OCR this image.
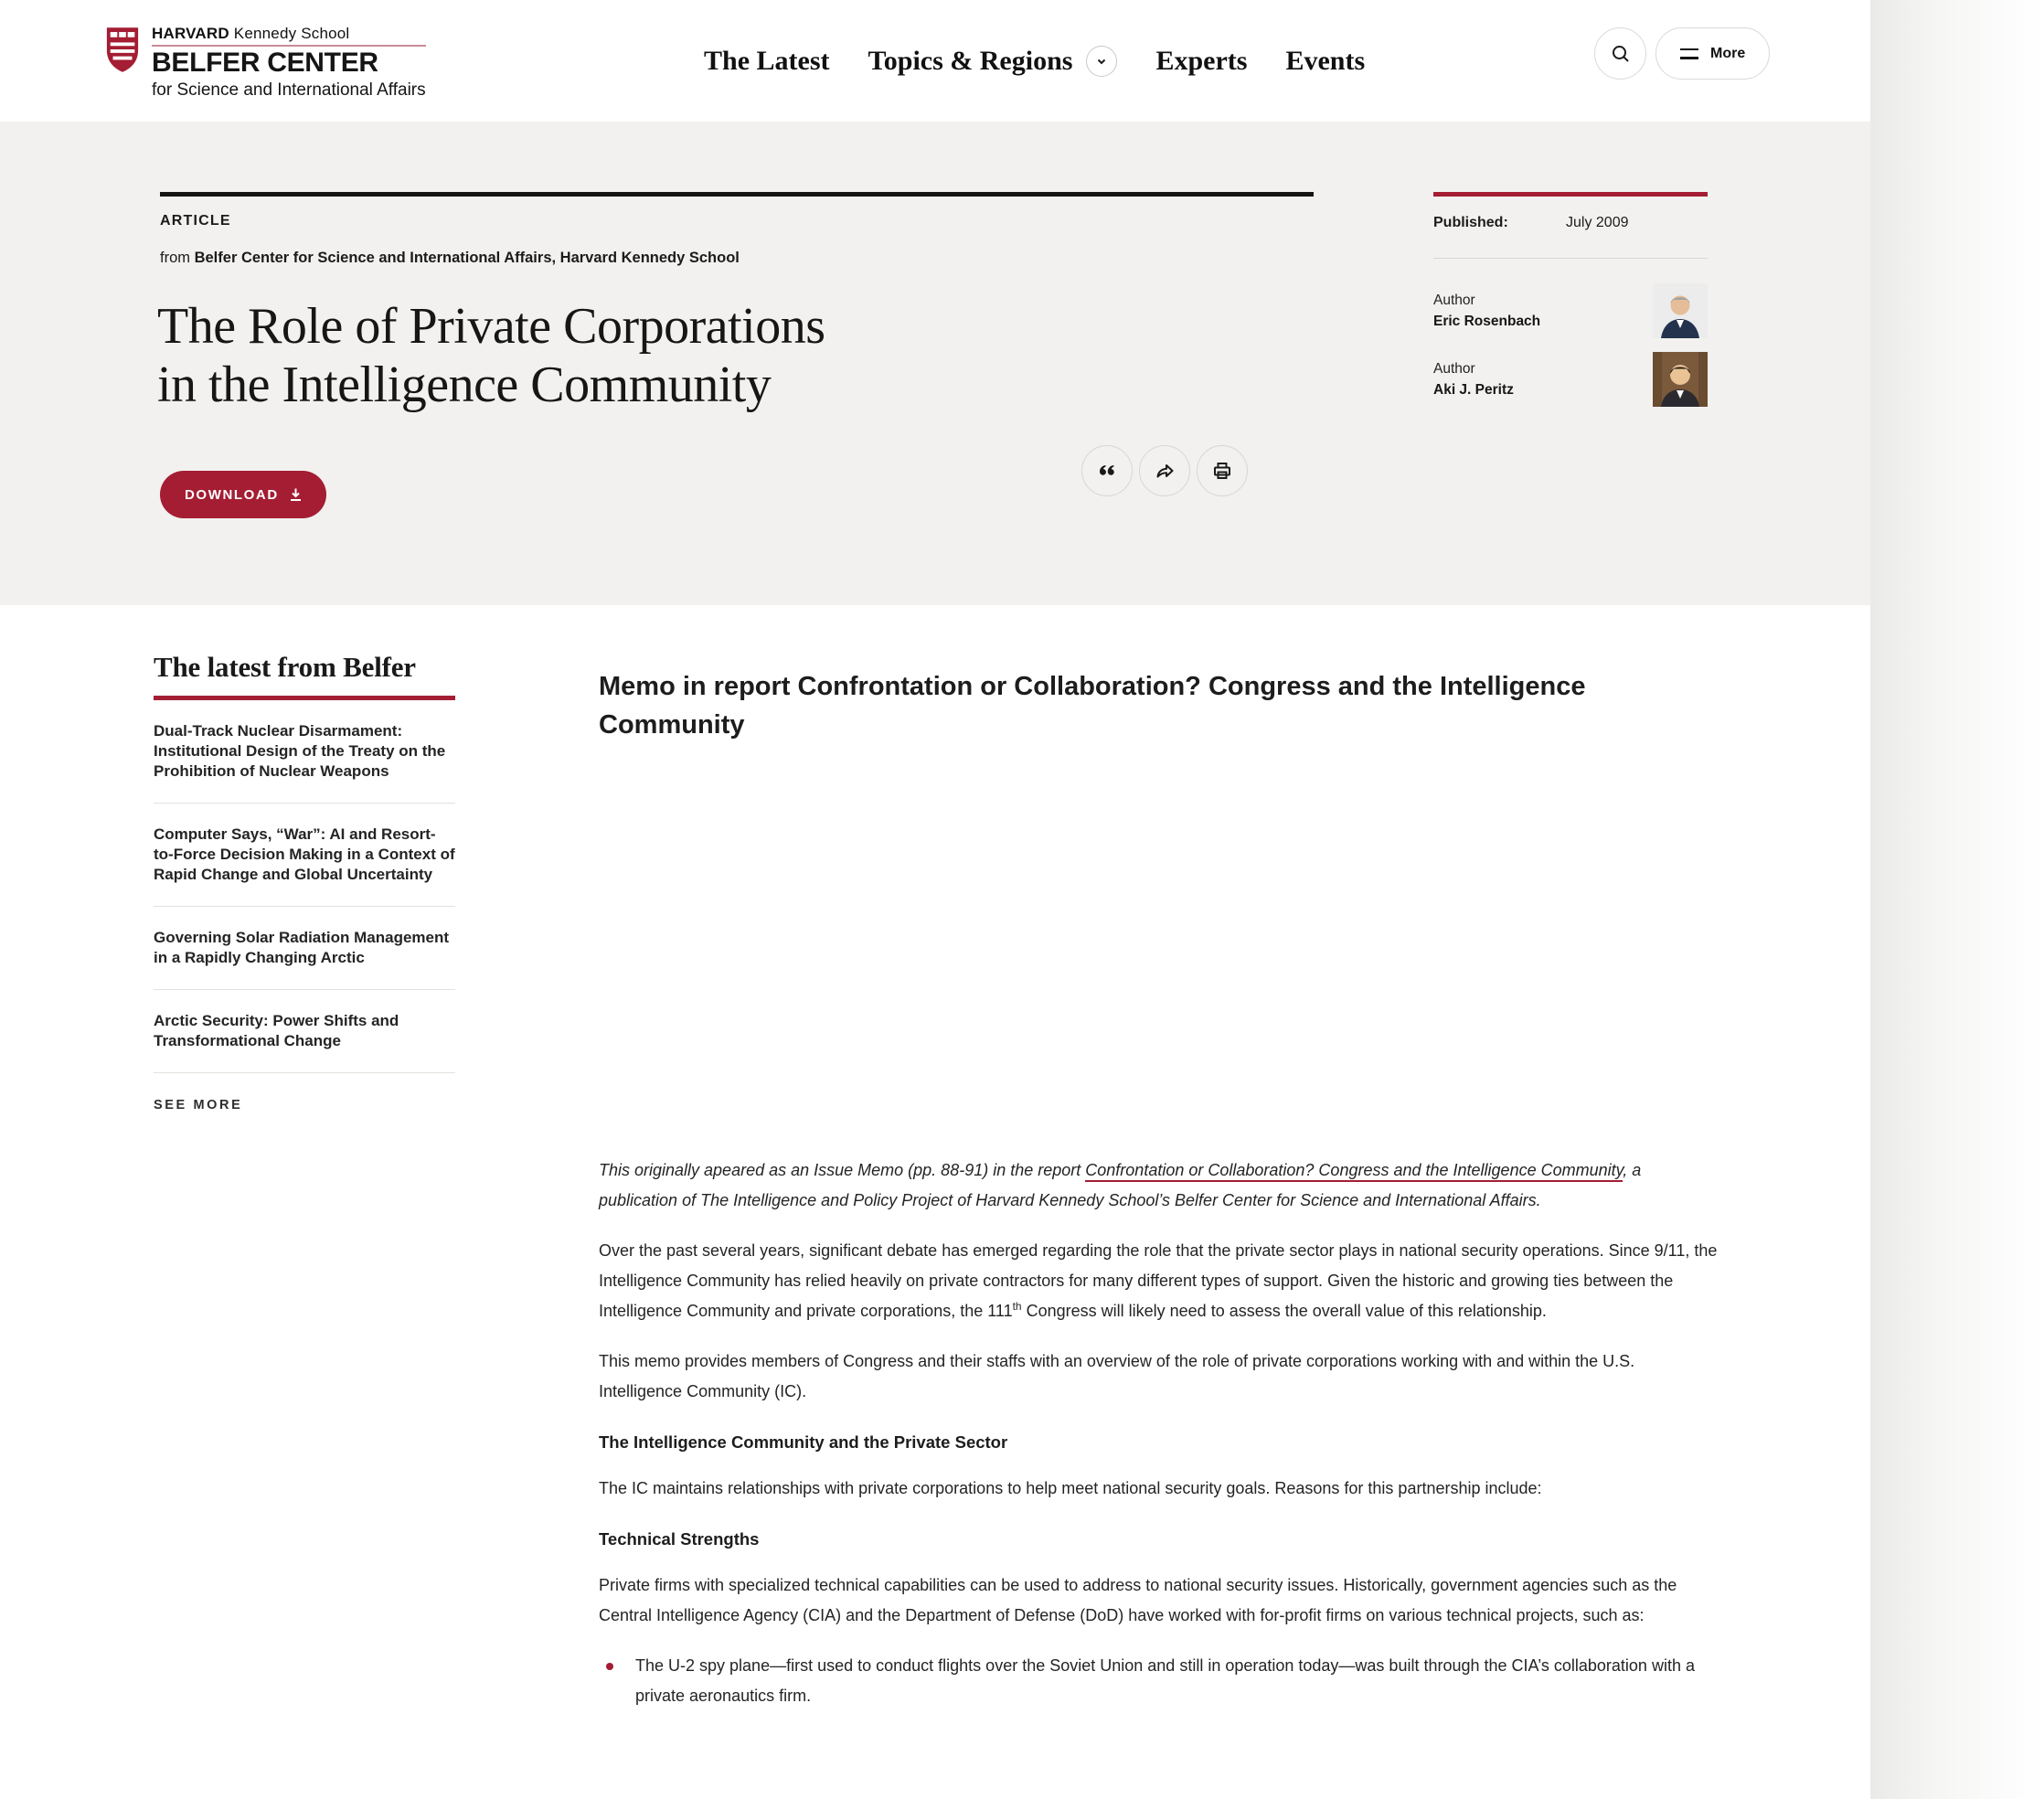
HARVARD Kennedy School
BELFER CENTER
for Science and International Affairs
The Latest Topics & Regions	Experts Events	More
ARTICLE
from Belfer Center for Science and International Affairs, Harvard Kennedy School
The Role of Private Corporations
in the Intelligence Community
DOWNLOAD
Published:	July 2009
Author
Eric Rosenbach
Author
Aki J. Peritz
The latest from Belfer
Dual-Track Nuclear Disarmament: Institutional Design of the Treaty on the Prohibition of Nuclear Weapons
Computer Says, “War”: AI and Resort-to-Force Decision Making in a Context of Rapid Change and Global Uncertainty
Governing Solar Radiation Management in a Rapidly Changing Arctic
Arctic Security: Power Shifts and Transformational Change
SEE MORE
Memo in report Confrontation or Collaboration? Congress and the Intelligence Community

This originally apeared as an Issue Memo (pp. 88-91) in the report Confrontation or Collaboration? Congress and the Intelligence Community, a publication of The Intelligence and Policy Project of Harvard Kennedy School’s Belfer Center for Science and International Affairs.

Over the past several years, significant debate has emerged regarding the role that the private sector plays in national security operations. Since 9/11, the Intelligence Community has relied heavily on private contractors for many different types of support. Given the historic and growing ties between the Intelligence Community and private corporations, the 111th Congress will likely need to assess the overall value of this relationship.

This memo provides members of Congress and their staffs with an overview of the role of private corporations working with and within the U.S. Intelligence Community (IC).

The Intelligence Community and the Private Sector

The IC maintains relationships with private corporations to help meet national security goals. Reasons for this partnership include:

Technical Strengths

Private firms with specialized technical capabilities can be used to address to national security issues. Historically, government agencies such as the Central Intelligence Agency (CIA) and the Department of Defense (DoD) have worked with for-profit firms on various technical projects, such as:

The U-2 spy plane—first used to conduct flights over the Soviet Union and still in operation today—was built through the CIA’s collaboration with a private aeronautics firm.
